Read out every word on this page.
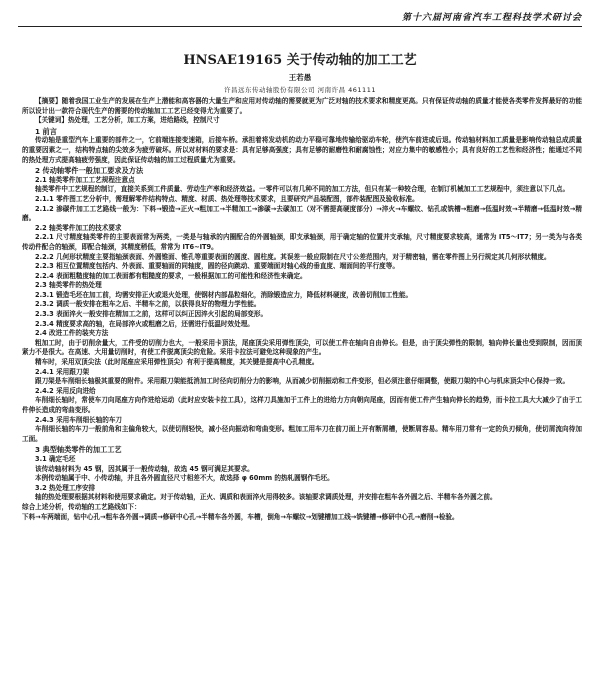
第十六届河南省汽车工程科技学术研讨会
HNSAE19165 关于传动轴的加工工艺
王若愚
许昌远东传动轴股份有限公司 河南许昌 461111

【摘要】随着我国工业生产的发展在生产上潜能和高容器的大量生产和应用对传动轴的需要就更为广泛对轴的技术要求和精度更高。只有保证传动轴的质量才能使各类零件发挥最好的功能所以设计出一款符合现代生产的需要的传动轴加工工艺已经变得尤为重要了。

【关键词】热处理，工艺分析，加工方案，进给路线，控制尺寸

1 前言

传动轴是重型汽车上重要的部件之一，它前端连接变速箱，后接车桥。承担着将发动机的动力平稳可靠地传输给驱动车轮，使汽车前进或后退。传动轴材料加工质量是影响传动轴总成质量的重要因素之一，结构特点轴的尖效多为疲劳破坏。所以对材料的要求是：具有足够高强度；具有足够的耐磨性和耐腐蚀性；对应力集中的敏感性小；具有良好的工艺性和经济性；能通过不同的热处理方式提高轴疲劳强度，因此保证传动轴的加工过程质量尤为重要。

2 传动轴零件一般加工要求及方法

2.1 轴类零件加工工艺规程注意点

轴类零件中工艺规程的制订，直接关系到工件质量、劳动生产率和经济效益。一零件可以有几种不同的加工方法，但只有某一种较合理，在制订机械加工工艺规程中，须注意以下几点。

2.1.1 零件图工艺分析中，需理解零件结构特点、精度、材质、热处理等技术要求，且要研究产品装配图，部件装配图及验收标准。

2.1.2 渗碳件加工工艺路线一般为：下料→锻造→正火→粗加工→半精加工→渗碳→去碳加工（对不需提高硬度部分）→淬火→车螺纹、钻孔或铣槽→粗磨→低温时效→半精磨→低温时效→精磨。

2.2 轴类零件加工的技术要求

2.2.1 尺寸精度轴类零件的主要表面常为两类，一类是与轴承的内圈配合的外圆轴颈，即支承轴颈，用于确定轴的位置并支承轴，尺寸精度要求较高，通常为 IT5～IT7；另一类为与各类传动件配合的轴颈，即配合轴颈，其精度稍低，常常为 IT6~IT9。

2.2.2 几何形状精度主要指轴颈表面、外圆锥面、锥孔等重要表面的圆度、圆柱度。其误差一般应限制在尺寸公差范围内，对于精密轴，需在零件图上另行规定其几何形状精度。

2.2.3 相互位置精度包括内、外表面、重要轴面的同轴度，圆的径向跳动、重要端面对轴心线的垂直度、端面间的平行度等。

2.2.4 表面粗糙度轴的加工表面都有粗糙度的要求，一般根据加工的可能性和经济性来确定。

2.3 轴类零件的热处理

2.3.1 锻造毛坯在加工前，均需安排正火或退火处理，使钢材内部晶粒细化，消除锻造应力，降低材料硬度，改善切削加工性能。

2.3.2 调质一般安排在粗车之后、半精车之前，以获得良好的物理力学性能。

2.3.3 表面淬火一般安排在精加工之前，这样可以纠正因淬火引起的局部变形。

2.3.4 精度要求高的轴，在局部淬火或粗磨之后，还需进行低温时效处理。

2.4 改进工件的装夹方法

粗加工时，由于切削余量大，工件受的切削力也大，一般采用卡顶法，尾座顶尖采用弹性顶尖，可以使工件在轴向自由伸长。但是，由于顶尖弹性的限制，轴向伸长量也受到限制，因而顶紧力不是很大。在高速、大用量切削时，有使工件脱离顶尖的危险。采用卡拉法可避免这种现象的产生。

精车时，采用双顶尖法（此时尾座应采用弹性顶尖）有利于提高精度，其关键是提高中心孔精度。

2.4.1 采用跟刀架

跟刀架是车削细长轴极其重要的附件。采用跟刀架能抵消加工时径向切削分力的影响，从而减少切削振动和工件变形，但必须注意仔细调整，使跟刀架的中心与机床顶尖中心保持一致。

2.4.2 采用反向进给

车削细长轴时，常使车刀向尾座方向作进给运动（此时应安装卡拉工具），这样刀具施加于工件上的进给力方向朝向尾座，因而有使工件产生轴向伸长的趋势，而卡拉工具大大减少了由于工件伸长造成的弯曲变形。

2.4.3 采用车削细长轴的车刀

车削细长轴的车刀一般前角和主偏角较大，以使切削轻快，减小径向振动和弯曲变形。粗加工用车刀在前刀面上开有断屑槽，使断屑容易。精车用刀常有一定的负刃倾角，使切屑流向待加工面。

3 典型轴类零件的加工工艺

3.1 确定毛坯

该传动轴材料为 45 钢，因其属于一般传动轴，故选 45 钢可满足其要求。

本例传动轴属于中、小传动轴，并且各外圆直径尺寸相差不大，故选择 φ 60mm 的热轧圆钢作毛坯。

3.2 热处理工序安排

轴的热处理要根据其材料和使用要求确定。对于传动轴，正火、调质和表面淬火用得较多。该轴要求调质处理，并安排在粗车各外圆之后、半精车各外圆之前。

综合上述分析，传动轴的工艺路线如下：

下料→车两端面，钻中心孔→粗车各外圆→调质→修研中心孔→半精车各外圆，车槽，倒角→车螺纹→划键槽加工线→铣键槽→修研中心孔→磨削→检验。
